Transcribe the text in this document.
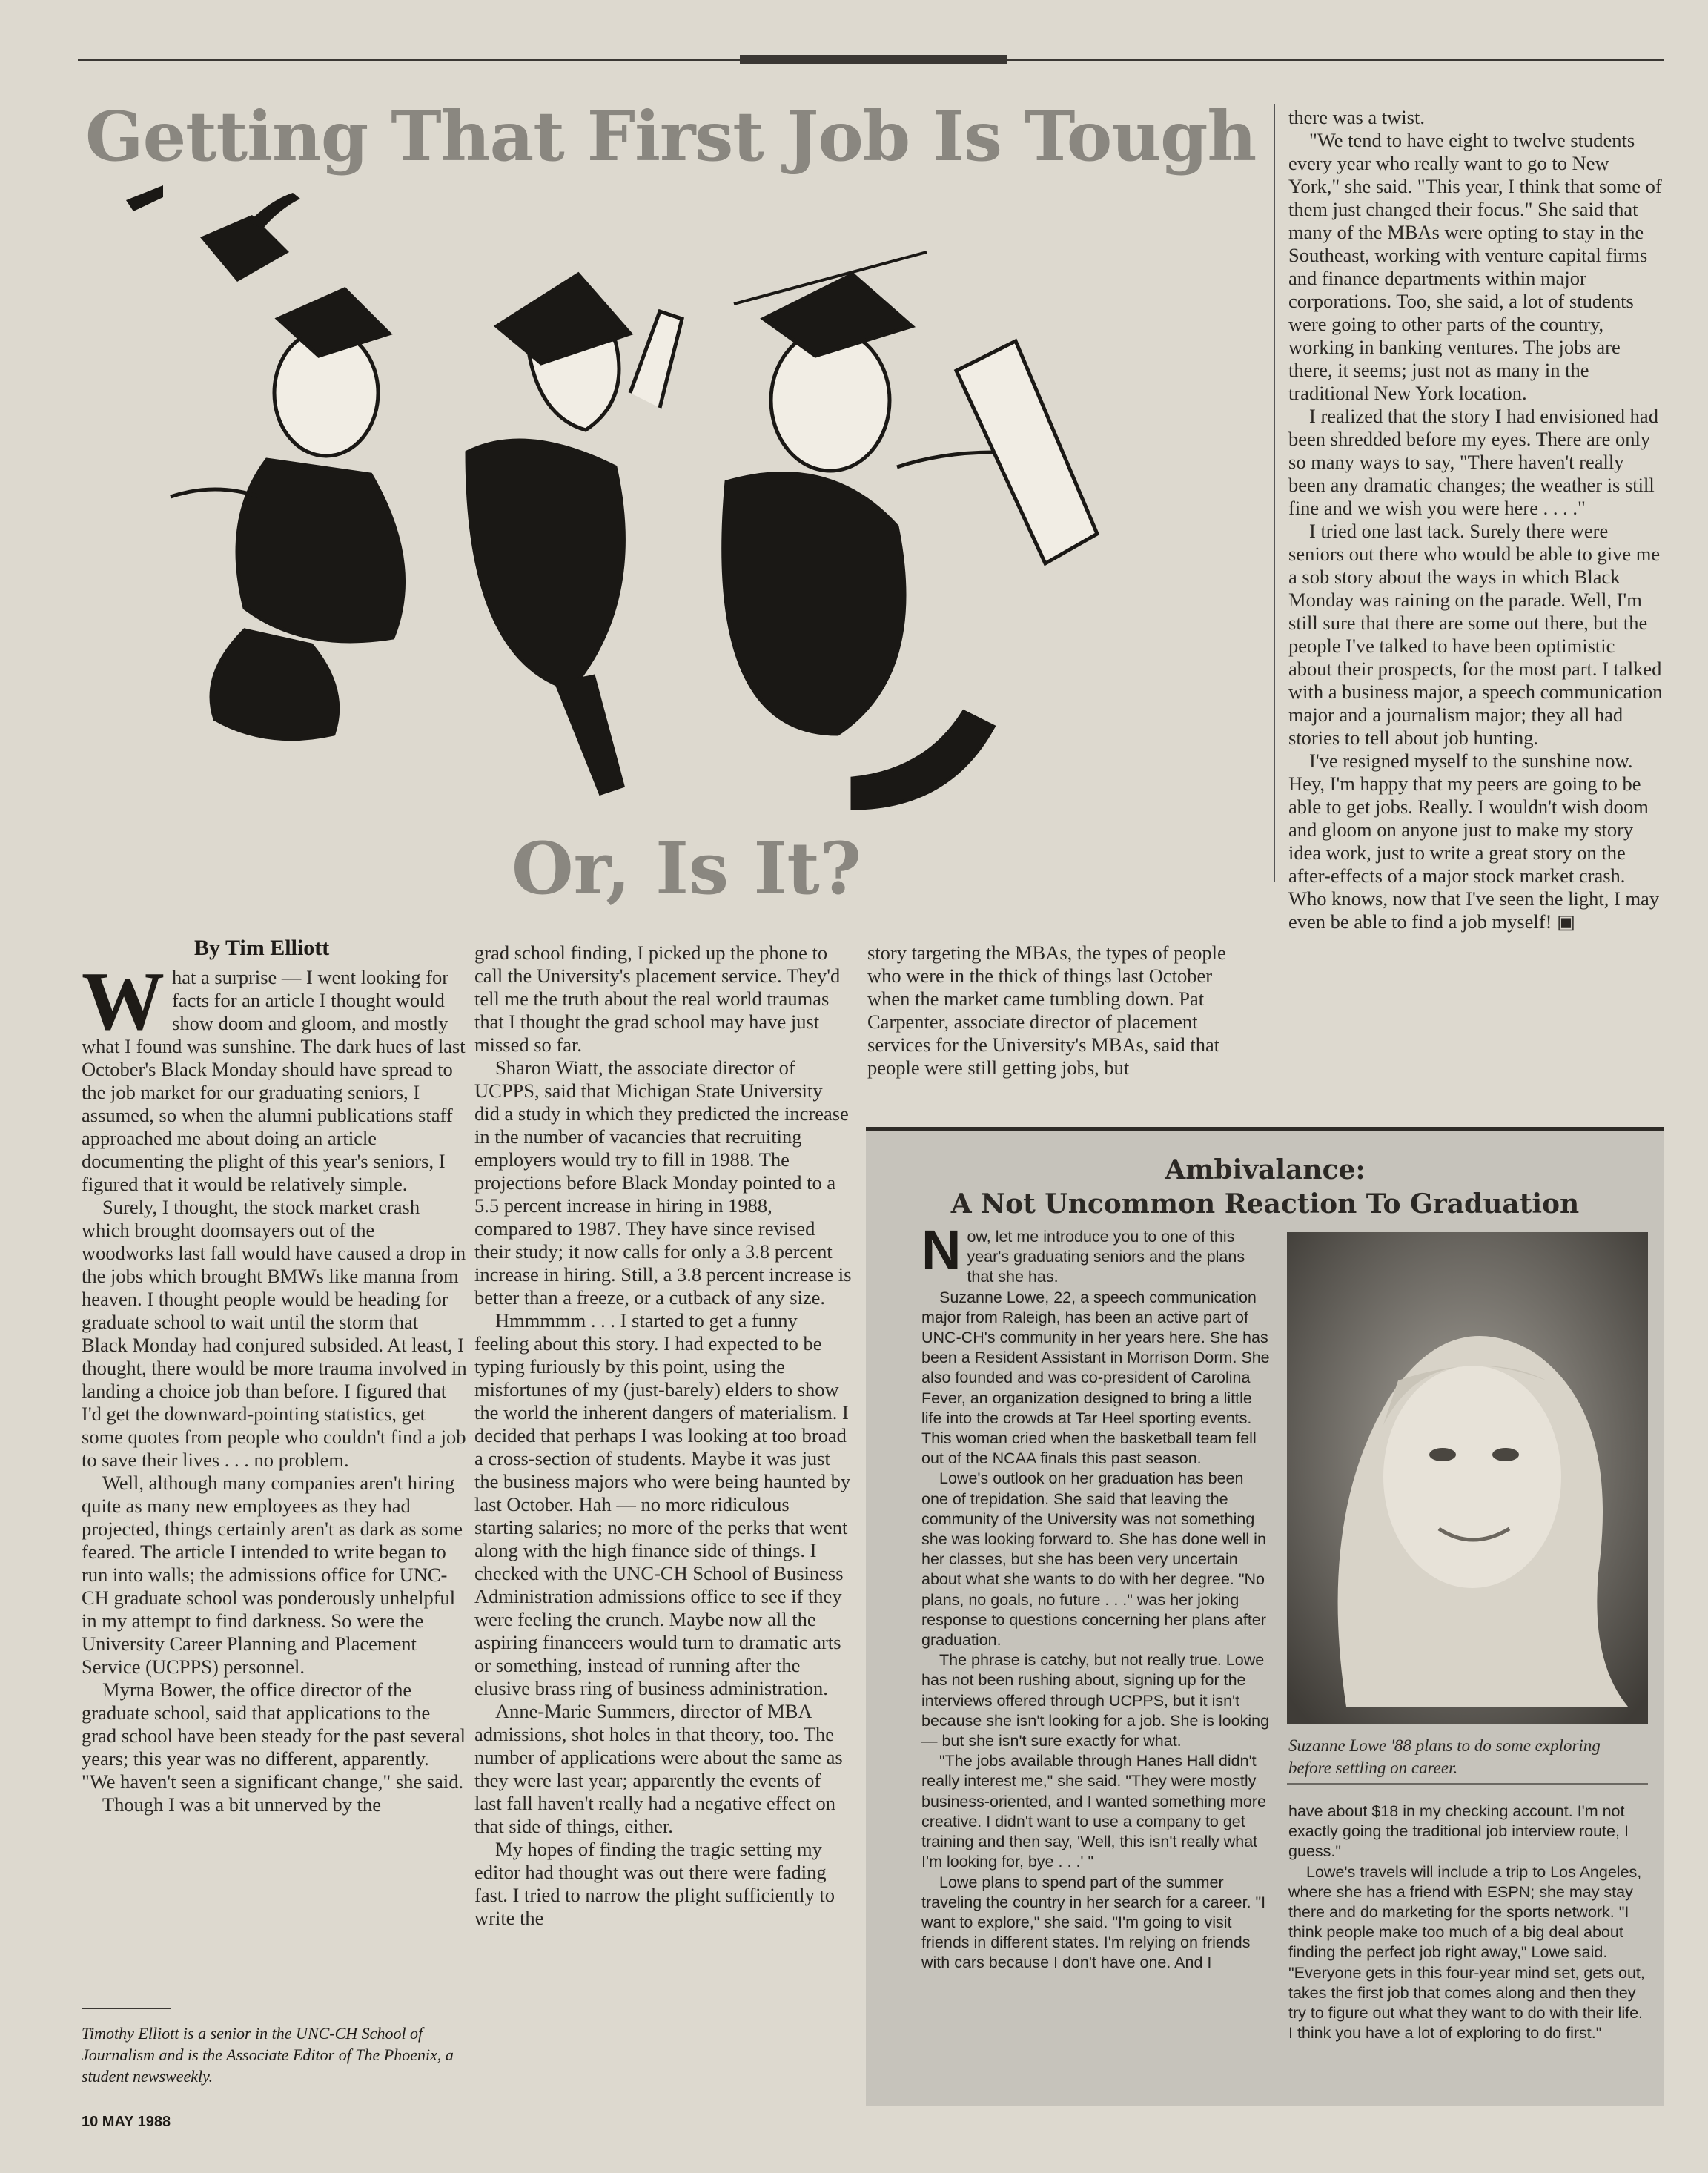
Getting That First Job Is Tough
Or, Is It?
By Tim Elliott

What a surprise — I went looking for facts for an article I thought would show doom and gloom, and mostly what I found was sunshine. The dark hues of last October's Black Monday should have spread to the job market for our graduating seniors, I assumed, so when the alumni publications staff approached me about doing an article documenting the plight of this year's seniors, I figured that it would be relatively simple.

Surely, I thought, the stock market crash which brought doomsayers out of the woodworks last fall would have caused a drop in the jobs which brought BMWs like manna from heaven. I thought people would be heading for graduate school to wait until the storm that Black Monday had conjured subsided. At least, I thought, there would be more trauma involved in landing a choice job than before. I figured that I'd get the downward-pointing statistics, get some quotes from people who couldn't find a job to save their lives . . . no problem.

Well, although many companies aren't hiring quite as many new employees as they had projected, things certainly aren't as dark as some feared. The article I intended to write began to run into walls; the admissions office for UNC-CH graduate school was ponderously unhelpful in my attempt to find darkness. So were the University Career Planning and Placement Service (UCPPS) personnel.

Myrna Bower, the office director of the graduate school, said that applications to the grad school have been steady for the past several years; this year was no different, apparently. "We haven't seen a significant change," she said.

Though I was a bit unnerved by the

Timothy Elliott is a senior in the UNC-CH School of Journalism and is the Associate Editor of The Phoenix, a student newsweekly.
10 MAY 1988

grad school finding, I picked up the phone to call the University's placement service. They'd tell me the truth about the real world traumas that I thought the grad school may have just missed so far.

Sharon Wiatt, the associate director of UCPPS, said that Michigan State University did a study in which they predicted the increase in the number of vacancies that recruiting employers would try to fill in 1988. The projections before Black Monday pointed to a 5.5 percent increase in hiring in 1988, compared to 1987. They have since revised their study; it now calls for only a 3.8 percent increase in hiring. Still, a 3.8 percent increase is better than a freeze, or a cutback of any size.

Hmmmmm . . . I started to get a funny feeling about this story. I had expected to be typing furiously by this point, using the misfortunes of my (just-barely) elders to show the world the inherent dangers of materialism. I decided that perhaps I was looking at too broad a cross-section of students. Maybe it was just the business majors who were being haunted by last October. Hah — no more ridiculous starting salaries; no more of the perks that went along with the high finance side of things. I checked with the UNC-CH School of Business Administration admissions office to see if they were feeling the crunch. Maybe now all the aspiring financeers would turn to dramatic arts or something, instead of running after the elusive brass ring of business administration.

Anne-Marie Summers, director of MBA admissions, shot holes in that theory, too. The number of applications were about the same as they were last year; apparently the events of last fall haven't really had a negative effect on that side of things, either.

My hopes of finding the tragic setting my editor had thought was out there were fading fast. I tried to narrow the plight sufficiently to write the

story targeting the MBAs, the types of people who were in the thick of things last October when the market came tumbling down. Pat Carpenter, associate director of placement services for the University's MBAs, said that people were still getting jobs, but

there was a twist.

"We tend to have eight to twelve students every year who really want to go to New York," she said. "This year, I think that some of them just changed their focus." She said that many of the MBAs were opting to stay in the Southeast, working with venture capital firms and finance departments within major corporations. Too, she said, a lot of students were going to other parts of the country, working in banking ventures. The jobs are there, it seems; just not as many in the traditional New York location.

I realized that the story I had envisioned had been shredded before my eyes. There are only so many ways to say, "There haven't really been any dramatic changes; the weather is still fine and we wish you were here . . . ."

I tried one last tack. Surely there were seniors out there who would be able to give me a sob story about the ways in which Black Monday was raining on the parade. Well, I'm still sure that there are some out there, but the people I've talked to have been optimistic about their prospects, for the most part. I talked with a business major, a speech communication major and a journalism major; they all had stories to tell about job hunting.

I've resigned myself to the sunshine now. Hey, I'm happy that my peers are going to be able to get jobs. Really. I wouldn't wish doom and gloom on anyone just to make my story idea work, just to write a great story on the after-effects of a major stock market crash. Who knows, now that I've seen the light, I may even be able to find a job myself! ▣

Ambivalance:
A Not Uncommon Reaction To Graduation

Now, let me introduce you to one of this year's graduating seniors and the plans that she has.

Suzanne Lowe, 22, a speech communication major from Raleigh, has been an active part of UNC-CH's community in her years here. She has been a Resident Assistant in Morrison Dorm. She also founded and was co-president of Carolina Fever, an organization designed to bring a little life into the crowds at Tar Heel sporting events. This woman cried when the basketball team fell out of the NCAA finals this past season.

Lowe's outlook on her graduation has been one of trepidation. She said that leaving the community of the University was not something she was looking forward to. She has done well in her classes, but she has been very uncertain about what she wants to do with her degree. "No plans, no goals, no future . . ." was her joking response to questions concerning her plans after graduation.

The phrase is catchy, but not really true. Lowe has not been rushing about, signing up for the interviews offered through UCPPS, but it isn't because she isn't looking for a job. She is looking — but she isn't sure exactly for what.

"The jobs available through Hanes Hall didn't really interest me," she said. "They were mostly business-oriented, and I wanted something more creative. I didn't want to use a company to get training and then say, 'Well, this isn't really what I'm looking for, bye . . .' "

Lowe plans to spend part of the summer traveling the country in her search for a career. "I want to explore," she said. "I'm going to visit friends in different states. I'm relying on friends with cars because I don't have one. And I

Suzanne Lowe '88 plans to do some exploring before settling on career.

have about $18 in my checking account. I'm not exactly going the traditional job interview route, I guess."

Lowe's travels will include a trip to Los Angeles, where she has a friend with ESPN; she may stay there and do marketing for the sports network. "I think people make too much of a big deal about finding the perfect job right away," Lowe said. "Everyone gets in this four-year mind set, gets out, takes the first job that comes along and then they try to figure out what they want to do with their life. I think you have a lot of exploring to do first."
